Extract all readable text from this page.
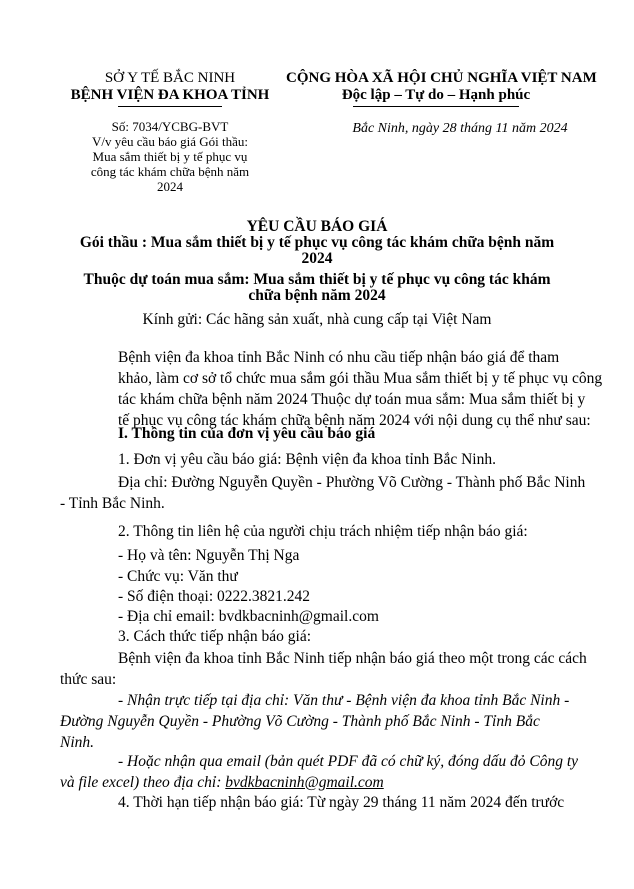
SỞ Y TẾ BẮC NINH
BỆNH VIỆN ĐA KHOA TỈNH
Số: 7034/YCBG-BVT
V/v yêu cầu báo giá Gói thầu:
Mua sắm thiết bị y tế phục vụ
công tác khám chữa bệnh năm
2024
CỘNG HÒA XÃ HỘI CHỦ NGHĨA VIỆT NAM
Độc lập – Tự do – Hạnh phúc
Bắc Ninh, ngày 28 tháng 11 năm 2024
YÊU CẦU BÁO GIÁ
Gói thầu : Mua sắm thiết bị y tế phục vụ công tác khám chữa bệnh năm
2024
Thuộc dự toán mua sắm: Mua sắm thiết bị y tế phục vụ công tác khám
chữa bệnh năm 2024
Kính gửi: Các hãng sản xuất, nhà cung cấp tại Việt Nam
Bệnh viện đa khoa tỉnh Bắc Ninh có nhu cầu tiếp nhận báo giá để tham
khảo, làm cơ sở tổ chức mua sắm gói thầu Mua sắm thiết bị y tế phục vụ công
tác khám chữa bệnh năm 2024 Thuộc dự toán mua sắm: Mua sắm thiết bị y
tế phục vụ công tác khám chữa bệnh năm 2024 với nội dung cụ thể như sau:
I. Thông tin của đơn vị yêu cầu báo giá
1. Đơn vị yêu cầu báo giá: Bệnh viện đa khoa tỉnh Bắc Ninh.
Địa chỉ: Đường Nguyễn Quyền - Phường Võ Cường - Thành phố Bắc Ninh
- Tỉnh Bắc Ninh.
2. Thông tin liên hệ của người chịu trách nhiệm tiếp nhận báo giá:
- Họ và tên: Nguyễn Thị Nga
- Chức vụ: Văn thư
- Số điện thoại: 0222.3821.242
- Địa chỉ email: bvdkbacninh@gmail.com
3. Cách thức tiếp nhận báo giá:
Bệnh viện đa khoa tỉnh Bắc Ninh tiếp nhận báo giá theo một trong các cách
thức sau:
- Nhận trực tiếp tại địa chỉ: Văn thư - Bệnh viện đa khoa tỉnh Bắc Ninh -
Đường Nguyễn Quyền - Phường Võ Cường - Thành phố Bắc Ninh - Tỉnh Bắc
Ninh.
- Hoặc nhận qua email (bản quét PDF đã có chữ ký, đóng dấu đỏ Công ty
và file excel) theo địa chỉ: bvdkbacninh@gmail.com
4. Thời hạn tiếp nhận báo giá: Từ ngày 29 tháng 11 năm 2024 đến trước
